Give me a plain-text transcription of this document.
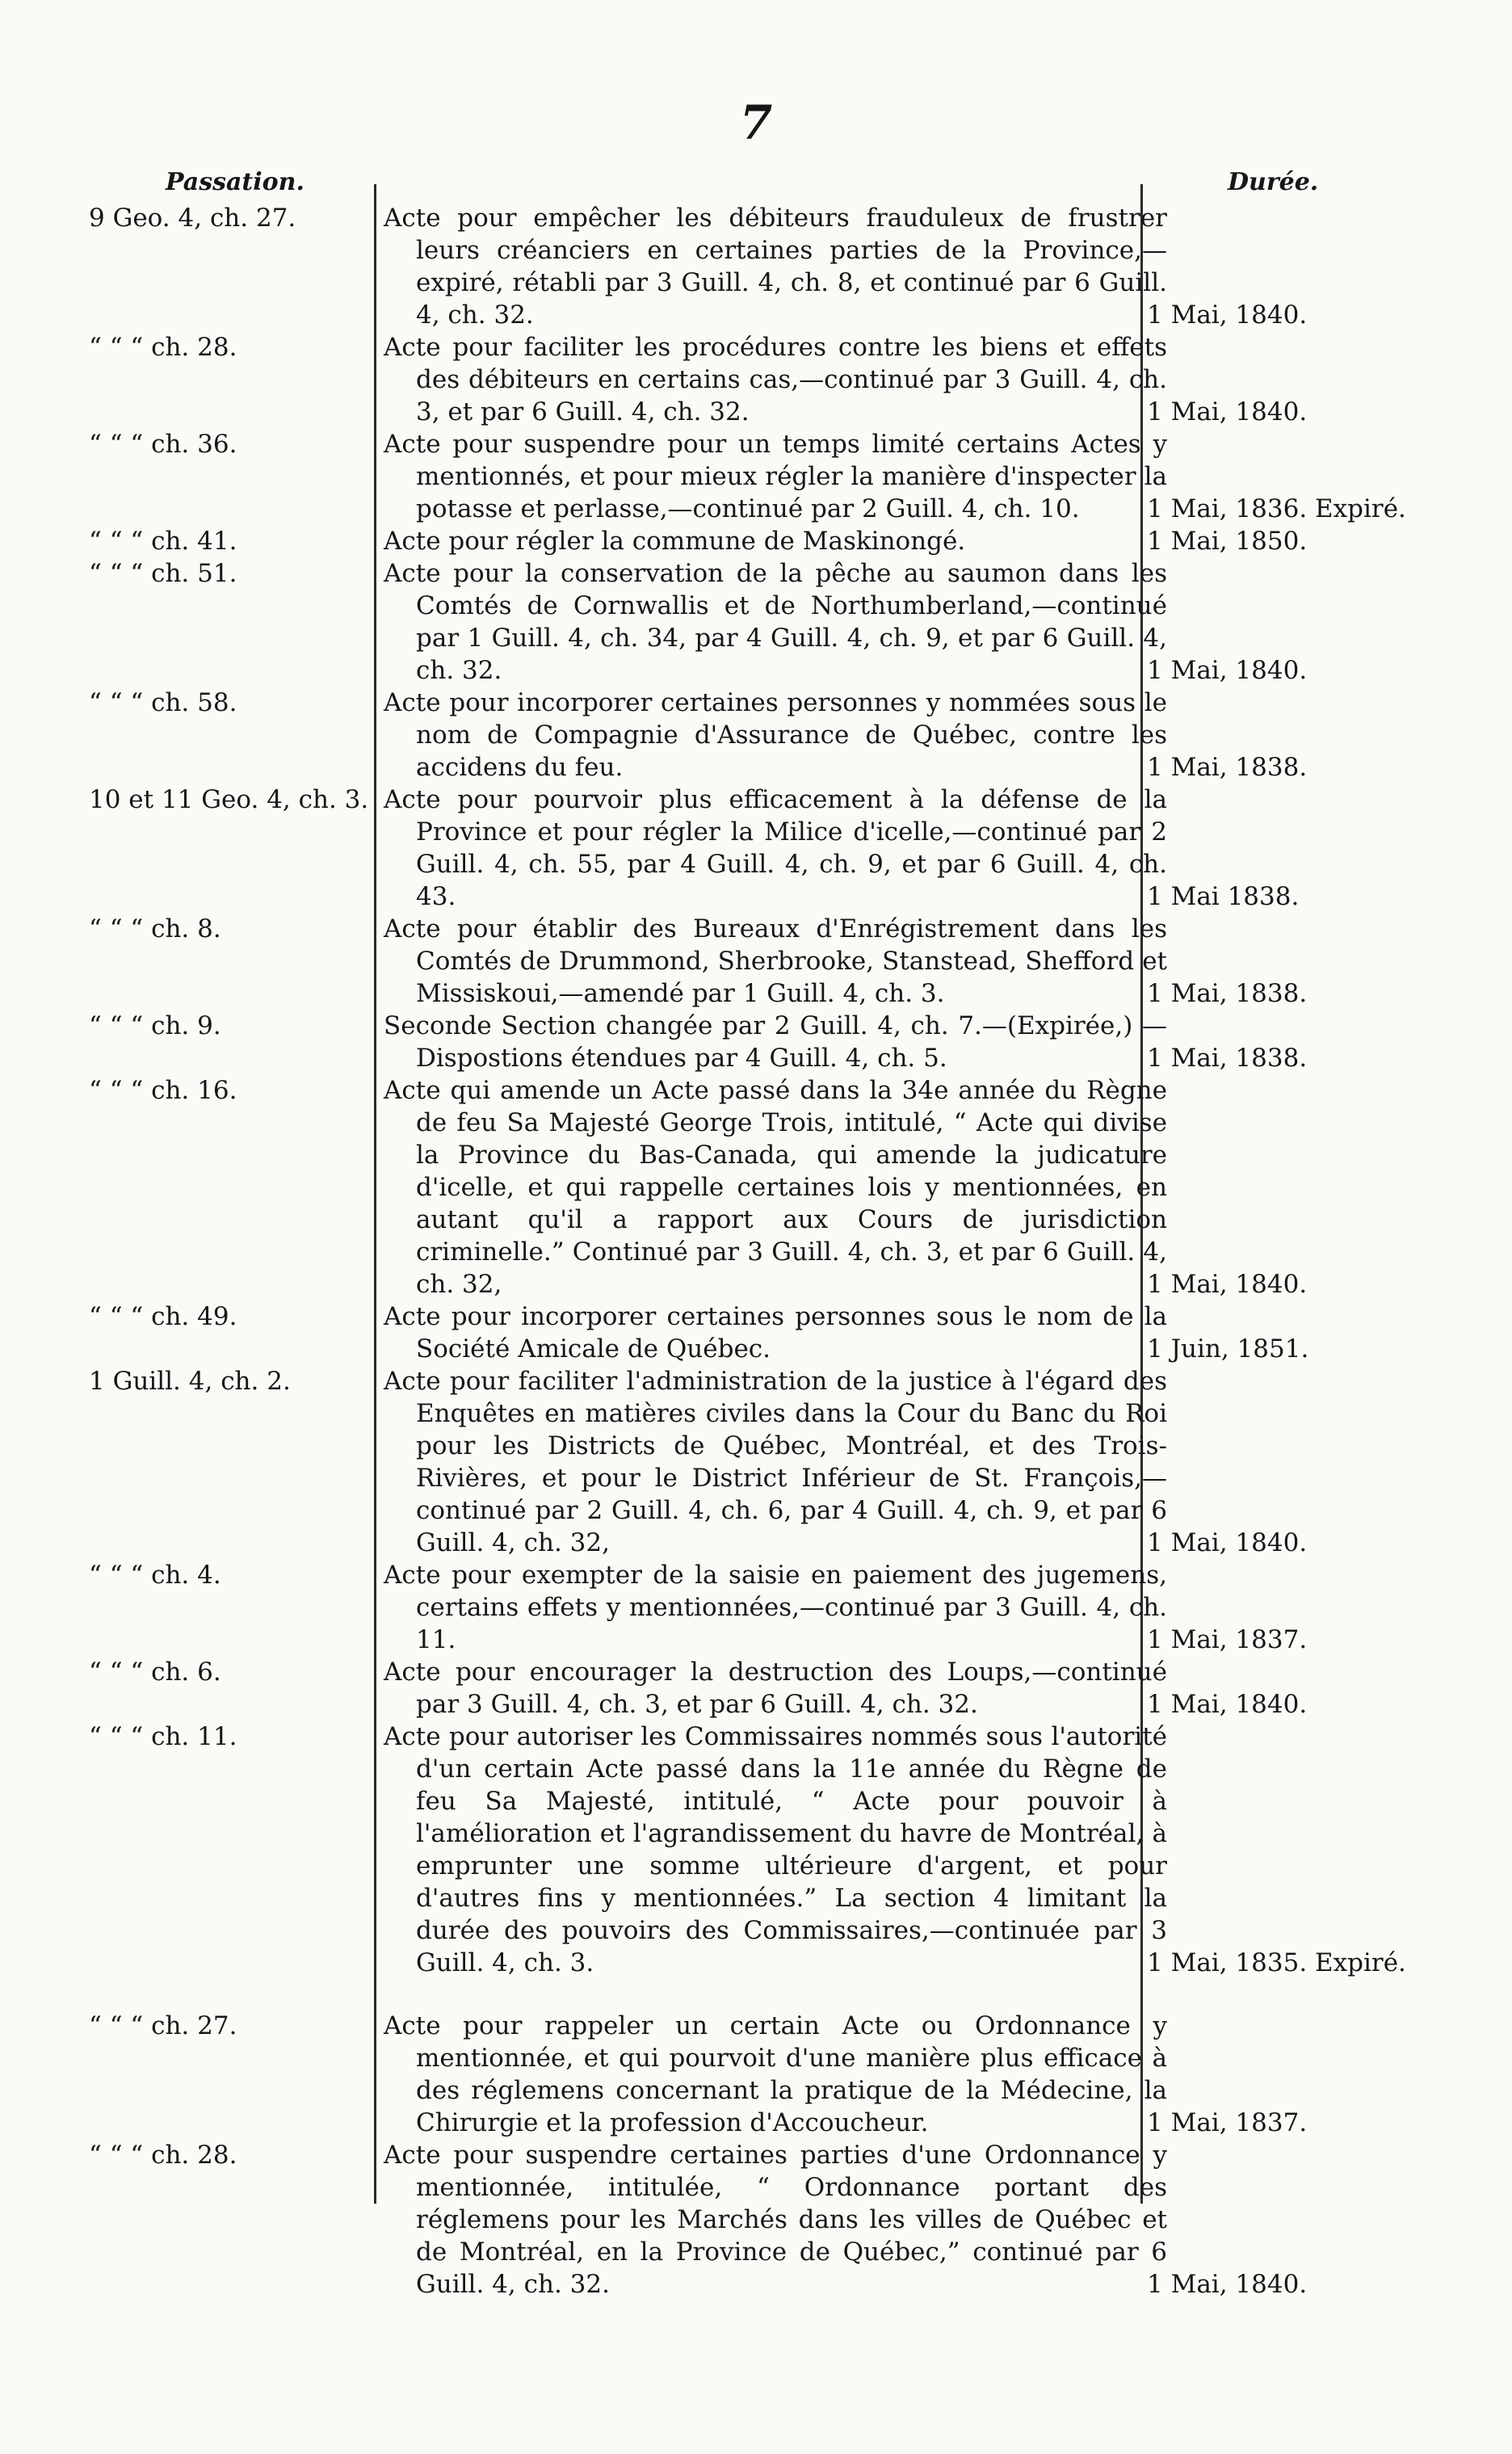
7
Passation.	Durée.
9 Geo. 4, ch. 27.	Acte pour empêcher les débiteurs frauduleux de frustrer leurs créanciers en certaines parties de la Province,—expiré, rétabli par 3 Guill. 4, ch. 8, et continué par 6 Guill. 4, ch. 32.	1 Mai, 1840.
“ “ “ ch. 28.	Acte pour faciliter les procédures contre les biens et effets des débiteurs en certains cas,—continué par 3 Guill. 4, ch. 3, et par 6 Guill. 4, ch. 32.	1 Mai, 1840.
“ “ “ ch. 36.	Acte pour suspendre pour un temps limité certains Actes y mentionnés, et pour mieux régler la manière d'inspecter la potasse et perlasse,—continué par 2 Guill. 4, ch. 10.	1 Mai, 1836. Expiré.
“ “ “ ch. 41.	Acte pour régler la commune de Maskinongé.	1 Mai, 1850.
“ “ “ ch. 51.	Acte pour la conservation de la pêche au saumon dans les Comtés de Cornwallis et de Northumberland,—continué par 1 Guill. 4, ch. 34, par 4 Guill. 4, ch. 9, et par 6 Guill. 4, ch. 32.	1 Mai, 1840.
“ “ “ ch. 58.	Acte pour incorporer certaines personnes y nommées sous le nom de Compagnie d'Assurance de Québec, contre les accidens du feu.	1 Mai, 1838.
10 et 11 Geo. 4, ch. 3. Acte pour pourvoir plus efficacement à la défense de la Province et pour régler la Milice d'icelle,—continué par 2 Guill. 4, ch. 55, par 4 Guill. 4, ch. 9, et par 6 Guill. 4, ch. 43.	1 Mai 1838.
“ “ “ ch. 8.	Acte pour établir des Bureaux d'Enrégistrement dans les Comtés de Drummond, Sherbrooke, Stanstead, Shefford et Missiskoui,—amendé par 1 Guill. 4, ch. 3.	1 Mai, 1838.
“ “ “ ch. 9.	Seconde Section changée par 2 Guill. 4, ch. 7.—(Expirée,) —Dispostions étendues par 4 Guill. 4, ch. 5.	1 Mai, 1838.
“ “ “ ch. 16.	Acte qui amende un Acte passé dans la 34e année du Règne de feu Sa Majesté George Trois, intitulé, “ Acte qui divise la Province du Bas-Canada, qui amende la judicature d'icelle, et qui rappelle certaines lois y mentionnées, en autant qu'il a rapport aux Cours de jurisdiction criminelle.” Continué par 3 Guill. 4, ch. 3, et par 6 Guill. 4, ch. 32,	1 Mai, 1840.
“ “ “ ch. 49.	Acte pour incorporer certaines personnes sous le nom de la Société Amicale de Québec.	1 Juin, 1851.
1 Guill. 4, ch. 2.	Acte pour faciliter l'administration de la justice à l'égard des Enquêtes en matières civiles dans la Cour du Banc du Roi pour les Districts de Québec, Montréal, et des Trois-Rivières, et pour le District Inférieur de St. François,—continué par 2 Guill. 4, ch. 6, par 4 Guill. 4, ch. 9, et par 6 Guill. 4, ch. 32,	1 Mai, 1840.
“ “ “ ch. 4.	Acte pour exempter de la saisie en paiement des jugemens, certains effets y mentionnées,—continué par 3 Guill. 4, ch. 11.	1 Mai, 1837.
“ “ “ ch. 6.	Acte pour encourager la destruction des Loups,—continué par 3 Guill. 4, ch. 3, et par 6 Guill. 4, ch. 32.	1 Mai, 1840.
“ “ “ ch. 11.	Acte pour autoriser les Commissaires nommés sous l'autorité d'un certain Acte passé dans la 11e année du Règne de feu Sa Majesté, intitulé, “ Acte pour pouvoir à l'amélioration et l'agrandissement du havre de Montréal, à emprunter une somme ultérieure d'argent, et pour d'autres fins y mentionnées.” La section 4 limitant la durée des pouvoirs des Commissaires,—continuée par 3 Guill. 4, ch. 3.	1 Mai, 1835. Expiré.
“ “ “ ch. 27.	Acte pour rappeler un certain Acte ou Ordonnance y mentionnée, et qui pourvoit d'une manière plus efficace à des réglemens concernant la pratique de la Médecine, la Chirurgie et la profession d'Accoucheur.	1 Mai, 1837.
“ “ “ ch. 28.	Acte pour suspendre certaines parties d'une Ordonnance y mentionnée, intitulée, “ Ordonnance portant des réglemens pour les Marchés dans les villes de Québec et de Montréal, en la Province de Québec,” continué par 6 Guill. 4, ch. 32.	1 Mai, 1840.
